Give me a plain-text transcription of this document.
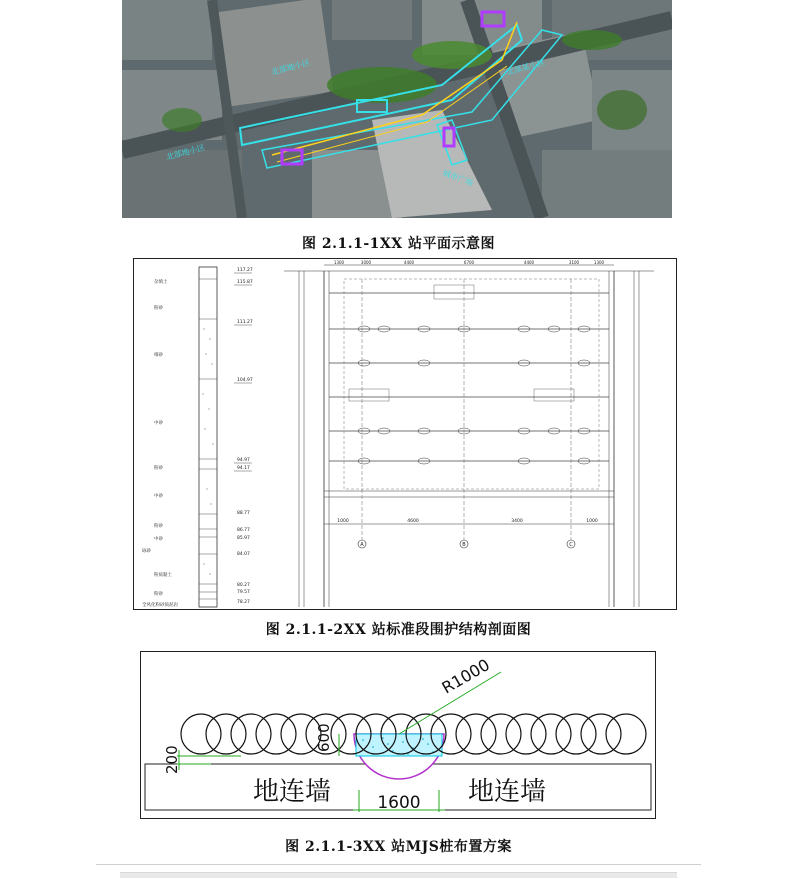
北部地小区	北部某小区
城市广场
北部地小区
图 2.1.1-1XX 站平面示意图
杂填土
粉砂
细砂
中砂
粉砂
中砂
粉砂
中砂
砾砂
粉质黏土
粉砂
全风化粉砂质泥岩
117.27
115.87
111.27
104.97
94.97
94.17
88.77
86.77
85.97
84.07
80.27
79.57
78.27
A	B	C
1000	4600	3400	1000
1300	3000	4400	6700	4400	3100	1300
图 2.1.1-2XX 站标准段围护结构剖面图
R1000
600
200
地连墙	地连墙
1600
图 2.1.1-3XX 站MJS桩布置方案
